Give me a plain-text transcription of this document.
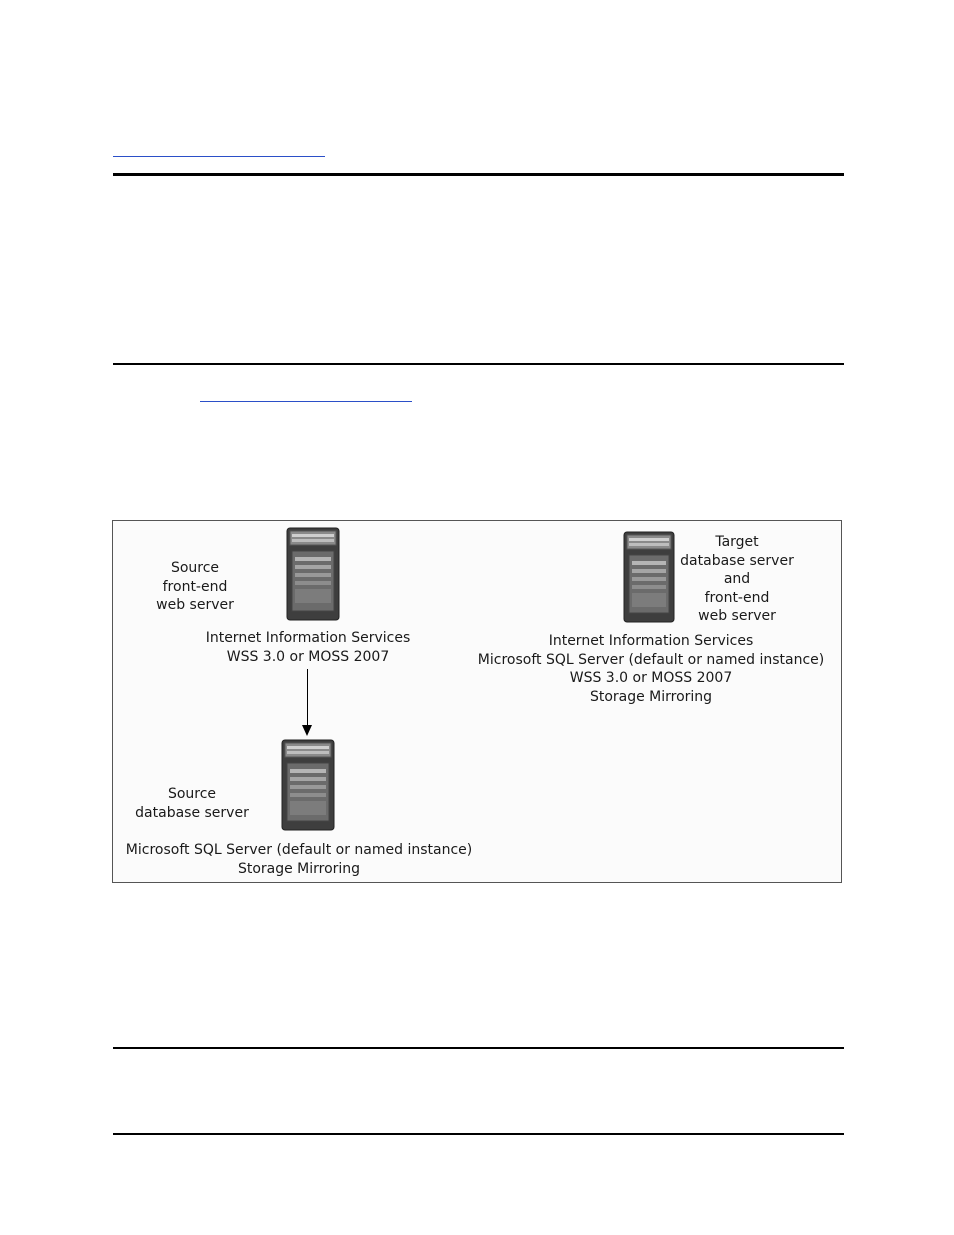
Source
front-end
web server
Internet Information Services
WSS 3.0 or MOSS 2007
Source
database server
Microsoft SQL Server (default or named instance)
Storage Mirroring
Target
database server
and
front-end
web server
Internet Information Services
Microsoft SQL Server (default or named instance)
WSS 3.0 or MOSS 2007
Storage Mirroring
